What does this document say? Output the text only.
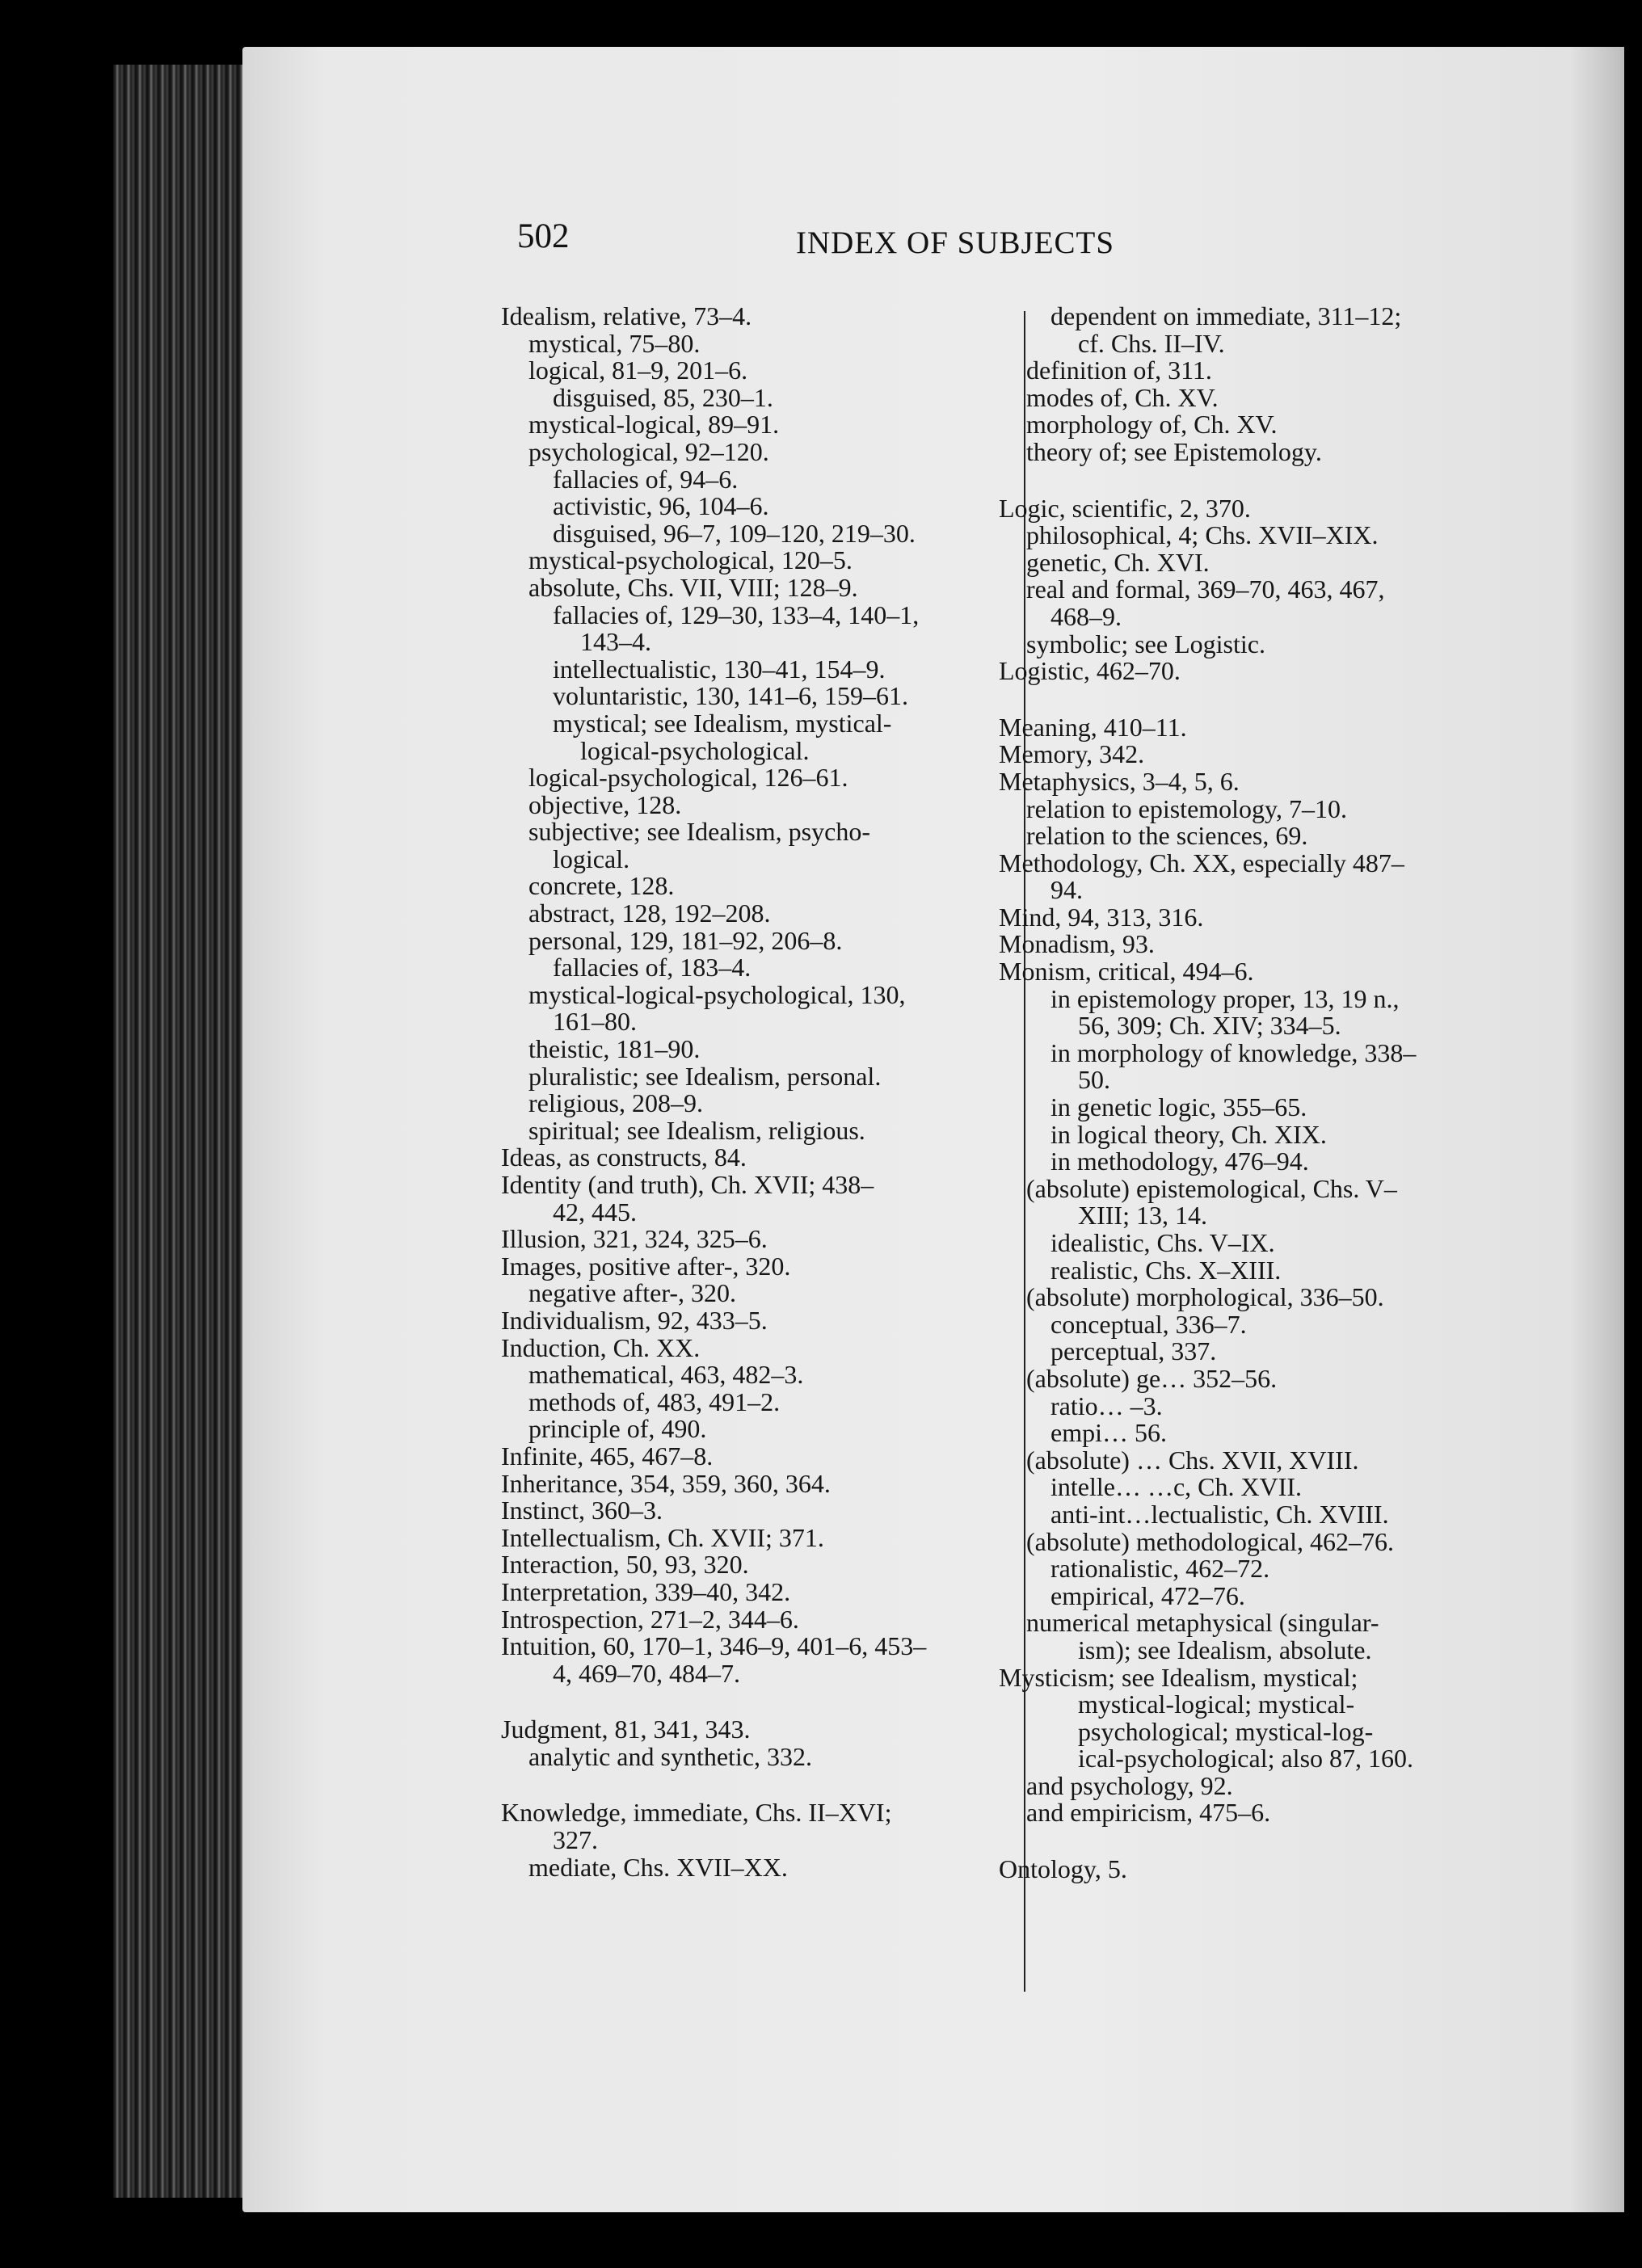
502	INDEX OF SUBJECTS
Idealism, relative, 73–4.
mystical, 75–80.
logical, 81–9, 201–6.
disguised, 85, 230–1.
mystical-logical, 89–91.
psychological, 92–120.
fallacies of, 94–6.
activistic, 96, 104–6.
disguised, 96–7, 109–120, 219–30.
mystical-psychological, 120–5.
absolute, Chs. VII, VIII; 128–9.
fallacies of, 129–30, 133–4, 140–1,
143–4.
intellectualistic, 130–41, 154–9.
voluntaristic, 130, 141–6, 159–61.
mystical; see Idealism, mystical-
logical-psychological.
logical-psychological, 126–61.
objective, 128.
subjective; see Idealism, psycho-
logical.
concrete, 128.
abstract, 128, 192–208.
personal, 129, 181–92, 206–8.
fallacies of, 183–4.
mystical-logical-psychological, 130,
161–80.
theistic, 181–90.
pluralistic; see Idealism, personal.
religious, 208–9.
spiritual; see Idealism, religious.
Ideas, as constructs, 84.
Identity (and truth), Ch. XVII; 438–
42, 445.
Illusion, 321, 324, 325–6.
Images, positive after-, 320.
negative after-, 320.
Individualism, 92, 433–5.
Induction, Ch. XX.
mathematical, 463, 482–3.
methods of, 483, 491–2.
principle of, 490.
Infinite, 465, 467–8.
Inheritance, 354, 359, 360, 364.
Instinct, 360–3.
Intellectualism, Ch. XVII; 371.
Interaction, 50, 93, 320.
Interpretation, 339–40, 342.
Introspection, 271–2, 344–6.
Intuition, 60, 170–1, 346–9, 401–6, 453–
4, 469–70, 484–7.
Judgment, 81, 341, 343.
analytic and synthetic, 332.
Knowledge, immediate, Chs. II–XVI;
327.
mediate, Chs. XVII–XX.
dependent on immediate, 311–12;
cf. Chs. II–IV.
definition of, 311.
modes of, Ch. XV.
morphology of, Ch. XV.
theory of; see Epistemology.
Logic, scientific, 2, 370.
philosophical, 4; Chs. XVII–XIX.
genetic, Ch. XVI.
real and formal, 369–70, 463, 467,
468–9.
symbolic; see Logistic.
Logistic, 462–70.
Meaning, 410–11.
Memory, 342.
Metaphysics, 3–4, 5, 6.
relation to epistemology, 7–10.
relation to the sciences, 69.
Methodology, Ch. XX, especially 487–
94.
Mind, 94, 313, 316.
Monadism, 93.
Monism, critical, 494–6.
in epistemology proper, 13, 19 n.,
56, 309; Ch. XIV; 334–5.
in morphology of knowledge, 338–
50.
in genetic logic, 355–65.
in logical theory, Ch. XIX.
in methodology, 476–94.
(absolute) epistemological, Chs. V–
XIII; 13, 14.
idealistic, Chs. V–IX.
realistic, Chs. X–XIII.
(absolute) morphological, 336–50.
conceptual, 336–7.
perceptual, 337.
(absolute) ge… 352–56.
ratio… –3.
empi… 56.
(absolute) … Chs. XVII, XVIII.
intelle… …c, Ch. XVII.
anti-int…lectualistic, Ch. XVIII.
(absolute) methodological, 462–76.
rationalistic, 462–72.
empirical, 472–76.
numerical metaphysical (singular-
ism); see Idealism, absolute.
Mysticism; see Idealism, mystical;
mystical-logical; mystical-
psychological; mystical-log-
ical-psychological; also 87, 160.
and psychology, 92.
and empiricism, 475–6.
Ontology, 5.
